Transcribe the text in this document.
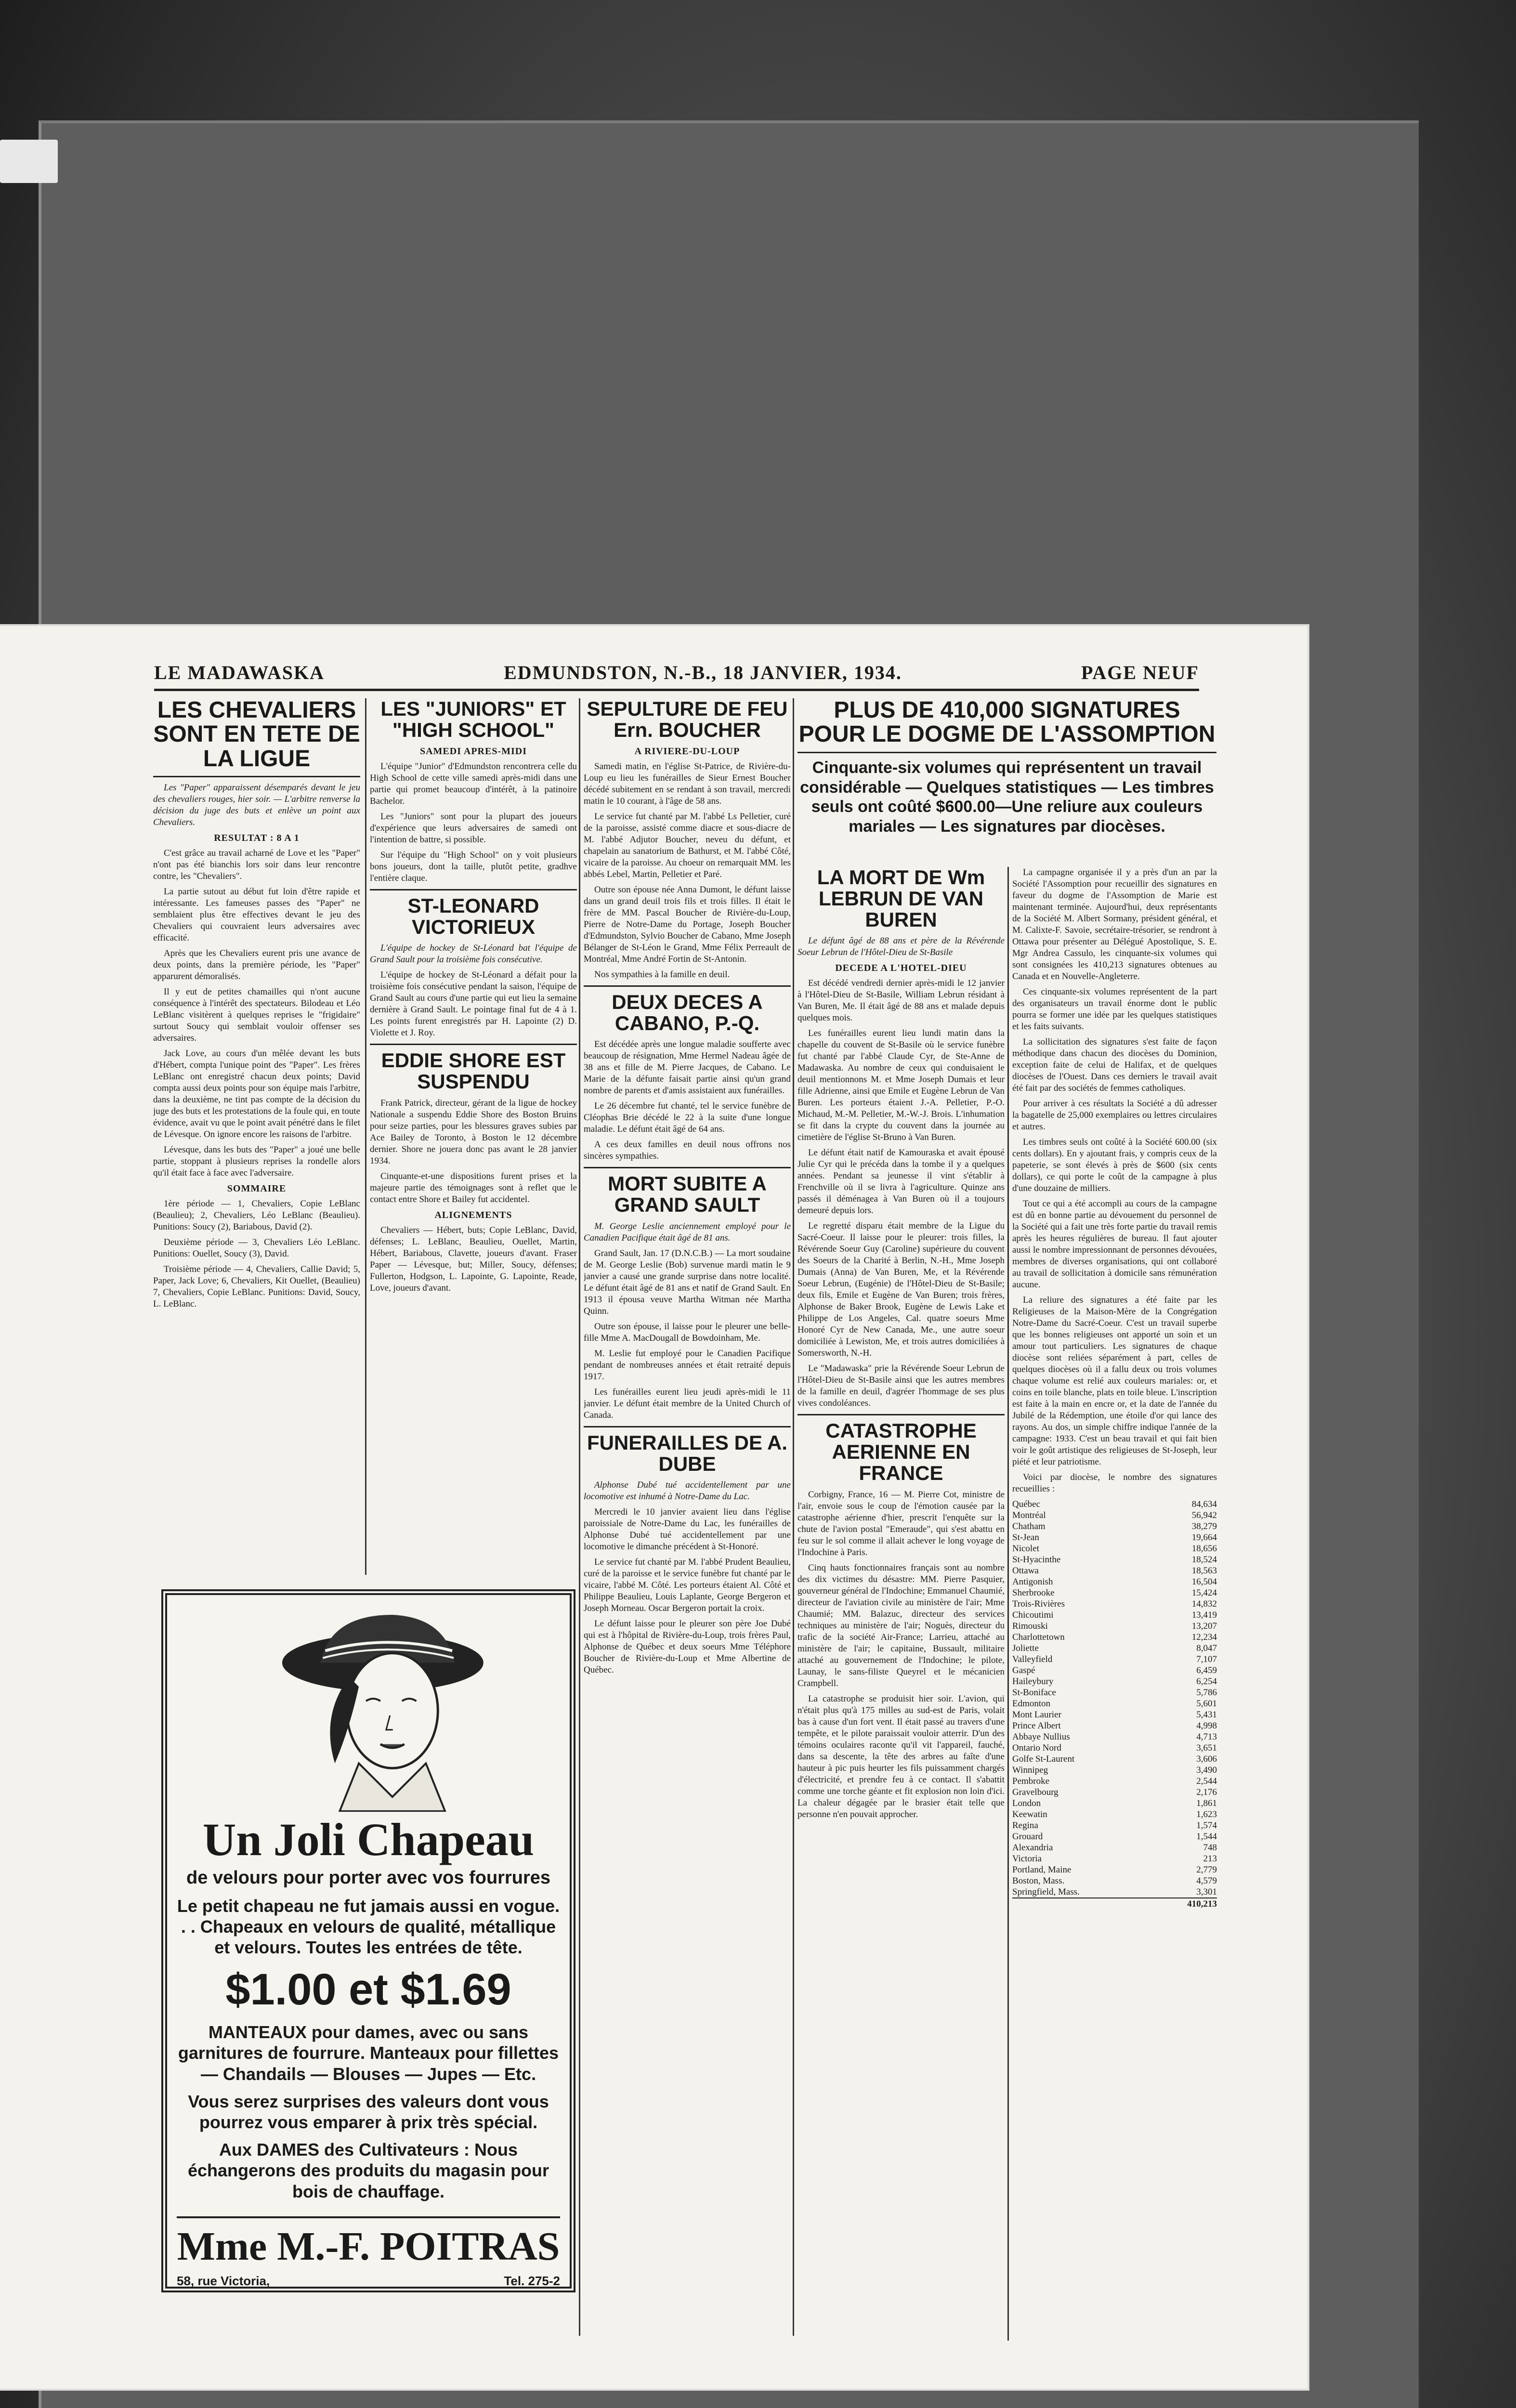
LE MADAWASKA	EDMUNDSTON, N.-B., 18 JANVIER, 1934.	PAGE NEUF
LES CHEVALIERS SONT EN TETE DE LA LIGUE

Les "Paper" apparaissent désemparés devant le jeu des chevaliers rouges, hier soir. — L'arbitre renverse la décision du juge des buts et enlève un point aux Chevaliers.

RESULTAT : 8 A 1

C'est grâce au travail acharné de Love et les "Paper" n'ont pas été bianchis lors soir dans leur rencontre contre, les "Chevaliers".

La partie sutout au début fut loin d'être rapide et intéressante. Les fameuses passes des "Paper" ne semblaient plus être effectives devant le jeu des Chevaliers qui couvraient leurs adversaires avec efficacité.

Après que les Chevaliers eurent pris une avance de deux points, dans la première période, les "Paper" apparurent démoralisés.

Il y eut de petites chamailles qui n'ont aucune conséquence à l'intérêt des spectateurs. Bilodeau et Léo LeBlanc visitèrent à quelques reprises le "frigidaire" surtout Soucy qui semblait vouloir offenser ses adversaires.

Jack Love, au cours d'un mêlée devant les buts d'Hébert, compta l'unique point des "Paper". Les frères LeBlanc ont enregistré chacun deux points; David compta aussi deux points pour son équipe mais l'arbitre, dans la deuxième, ne tint pas compte de la décision du juge des buts et les protestations de la foule qui, en toute évidence, avait vu que le point avait pénétré dans le filet de Lévesque. On ignore encore les raisons de l'arbitre.

Lévesque, dans les buts des "Paper" a joué une belle partie, stoppant à plusieurs reprises la rondelle alors qu'il était face à face avec l'adversaire.

SOMMAIRE

1ère période — 1, Chevaliers, Copie LeBlanc (Beaulieu); 2, Chevaliers, Léo LeBlanc (Beaulieu). Punitions: Soucy (2), Bariabous, David (2).

Deuxième période — 3, Chevaliers Léo LeBlanc. Punitions: Ouellet, Soucy (3), David.

Troisième période — 4, Chevaliers, Callie David; 5, Paper, Jack Love; 6, Chevaliers, Kit Ouellet, (Beaulieu) 7, Chevaliers, Copie LeBlanc. Punitions: David, Soucy, L. LeBlanc.

LES "JUNIORS" ET "HIGH SCHOOL"
SAMEDI APRES-MIDI

L'équipe "Junior" d'Edmundston rencontrera celle du High School de cette ville samedi après-midi dans une partie qui promet beaucoup d'intérêt, à la patinoire Bachelor.

Les "Juniors" sont pour la plupart des joueurs d'expérience que leurs adversaires de samedi ont l'intention de battre, si possible.

Sur l'équipe du "High School" on y voit plusieurs bons joueurs, dont la taille, plutôt petite, gradhve l'entière claque.

ST-LEONARD VICTORIEUX

L'équipe de hockey de St-Léonard bat l'équipe de Grand Sault pour la troisième fois consécutive.

L'équipe de hockey de St-Léonard a défait pour la troisième fois consécutive pendant la saison, l'équipe de Grand Sault au cours d'une partie qui eut lieu la semaine dernière à Grand Sault. Le pointage final fut de 4 à 1. Les points furent enregistrés par H. Lapointe (2) D. Violette et J. Roy.

EDDIE SHORE EST SUSPENDU

Frank Patrick, directeur, gérant de la ligue de hockey Nationale a suspendu Eddie Shore des Boston Bruins pour seize parties, pour les blessures graves subies par Ace Bailey de Toronto, à Boston le 12 décembre dernier. Shore ne jouera donc pas avant le 28 janvier 1934.

Cinquante-et-une dispositions furent prises et la majeure partie des témoignages sont à reflet que le contact entre Shore et Bailey fut accidentel.

ALIGNEMENTS

Chevaliers — Hébert, buts; Copie LeBlanc, David, défenses; L. LeBlanc, Beaulieu, Ouellet, Martin, Hébert, Bariabous, Clavette, joueurs d'avant. Fraser Paper — Lévesque, but; Miller, Soucy, défenses; Fullerton, Hodgson, L. Lapointe, G. Lapointe, Reade, Love, joueurs d'avant.

SEPULTURE DE FEU Ern. BOUCHER
A RIVIERE-DU-LOUP

Samedi matin, en l'église St-Patrice, de Rivière-du-Loup eu lieu les funérailles de Sieur Ernest Boucher décédé subitement en se rendant à son travail, mercredi matin le 10 courant, à l'âge de 58 ans.

Le service fut chanté par M. l'abbé Ls Pelletier, curé de la paroisse, assisté comme diacre et sous-diacre de M. l'abbé Adjutor Boucher, neveu du défunt, et chapelain au sanatorium de Bathurst, et M. l'abbé Côté, vicaire de la paroisse. Au choeur on remarquait MM. les abbés Lebel, Martin, Pelletier et Paré.

Outre son épouse née Anna Dumont, le défunt laisse dans un grand deuil trois fils et trois filles. Il était le frère de MM. Pascal Boucher de Rivière-du-Loup, Pierre de Notre-Dame du Portage, Joseph Boucher d'Edmundston, Sylvio Boucher de Cabano, Mme Joseph Bélanger de St-Léon le Grand, Mme Félix Perreault de Montréal, Mme André Fortin de St-Antonin.

Nos sympathies à la famille en deuil.

DEUX DECES A CABANO, P.-Q.

Est décédée après une longue maladie soufferte avec beaucoup de résignation, Mme Hermel Nadeau âgée de 38 ans et fille de M. Pierre Jacques, de Cabano. Le Marie de la défunte faisait partie ainsi qu'un grand nombre de parents et d'amis assistaient aux funérailles.

Le 26 décembre fut chanté, tel le service funèbre de Cléophas Brie décédé le 22 à la suite d'une longue maladie. Le défunt était âgé de 64 ans.

A ces deux familles en deuil nous offrons nos sincères sympathies.

MORT SUBITE A GRAND SAULT

M. George Leslie anciennement employé pour le Canadien Pacifique était âgé de 81 ans.

Grand Sault, Jan. 17 (D.N.C.B.) — La mort soudaine de M. George Leslie (Bob) survenue mardi matin le 9 janvier a causé une grande surprise dans notre localité. Le défunt était âgé de 81 ans et natif de Grand Sault. En 1913 il épousa veuve Martha Witman née Martha Quinn.

Outre son épouse, il laisse pour le pleurer une belle-fille Mme A. MacDougall de Bowdoinham, Me.

M. Leslie fut employé pour le Canadien Pacifique pendant de nombreuses années et était retraité depuis 1917.

Les funérailles eurent lieu jeudi après-midi le 11 janvier. Le défunt était membre de la United Church of Canada.

FUNERAILLES DE A. DUBE

Alphonse Dubé tué accidentellement par une locomotive est inhumé à Notre-Dame du Lac.

Mercredi le 10 janvier avaient lieu dans l'église paroissiale de Notre-Dame du Lac, les funérailles de Alphonse Dubé tué accidentellement par une locomotive le dimanche précédent à St-Honoré.

Le service fut chanté par M. l'abbé Prudent Beaulieu, curé de la paroisse et le service funèbre fut chanté par le vicaire, l'abbé M. Côté. Les porteurs étaient Al. Côté et Philippe Beaulieu, Louis Laplante, George Bergeron et Joseph Morneau. Oscar Bergeron portait la croix.

Le défunt laisse pour le pleurer son père Joe Dubé qui est à l'hôpital de Rivière-du-Loup, trois frères Paul, Alphonse de Québec et deux soeurs Mme Téléphore Boucher de Rivière-du-Loup et Mme Albertine de Québec.

PLUS DE 410,000 SIGNATURES POUR LE DOGME DE L'ASSOMPTION
Cinquante-six volumes qui représentent un travail considérable — Quelques statistiques — Les timbres seuls ont coûté $600.00—Une reliure aux couleurs mariales — Les signatures par diocèses.
LA MORT DE Wm LEBRUN DE VAN BUREN

Le défunt âgé de 88 ans et père de la Révérende Soeur Lebrun de l'Hôtel-Dieu de St-Basile

DECEDE A L'HOTEL-DIEU

Est décédé vendredi dernier après-midi le 12 janvier à l'Hôtel-Dieu de St-Basile, William Lebrun résidant à Van Buren, Me. Il était âgé de 88 ans et malade depuis quelques mois.

Les funérailles eurent lieu lundi matin dans la chapelle du couvent de St-Basile où le service funèbre fut chanté par l'abbé Claude Cyr, de Ste-Anne de Madawaska. Au nombre de ceux qui conduisaient le deuil mentionnons M. et Mme Joseph Dumais et leur fille Adrienne, ainsi que Emile et Eugène Lebrun de Van Buren. Les porteurs étaient J.-A. Pelletier, P.-O. Michaud, M.-M. Pelletier, M.-W.-J. Brois. L'inhumation se fit dans la crypte du couvent dans la journée au cimetière de l'église St-Bruno à Van Buren.

Le défunt était natif de Kamouraska et avait épousé Julie Cyr qui le précéda dans la tombe il y a quelques années. Pendant sa jeunesse il vint s'établir à Frenchville où il se livra à l'agriculture. Quinze ans passés il déménagea à Van Buren où il a toujours demeuré depuis lors.

Le regretté disparu était membre de la Ligue du Sacré-Coeur. Il laisse pour le pleurer: trois filles, la Révérende Soeur Guy (Caroline) supérieure du couvent des Soeurs de la Charité à Berlin, N.-H., Mme Joseph Dumais (Anna) de Van Buren, Me, et la Révérende Soeur Lebrun, (Eugénie) de l'Hôtel-Dieu de St-Basile; deux fils, Emile et Eugène de Van Buren; trois frères, Alphonse de Baker Brook, Eugène de Lewis Lake et Philippe de Los Angeles, Cal. quatre soeurs Mme Honoré Cyr de New Canada, Me., une autre soeur domiciliée à Lewiston, Me, et trois autres domiciliées à Somersworth, N.-H.

Le "Madawaska" prie la Révérende Soeur Lebrun de l'Hôtel-Dieu de St-Basile ainsi que les autres membres de la famille en deuil, d'agréer l'hommage de ses plus vives condoléances.

CATASTROPHE AERIENNE EN FRANCE

Corbigny, France, 16 — M. Pierre Cot, ministre de l'air, envoie sous le coup de l'émotion causée par la catastrophe aérienne d'hier, prescrit l'enquête sur la chute de l'avion postal "Emeraude", qui s'est abattu en feu sur le sol comme il allait achever le long voyage de l'Indochine à Paris.

Cinq hauts fonctionnaires français sont au nombre des dix victimes du désastre: MM. Pierre Pasquier, gouverneur général de l'Indochine; Emmanuel Chaumié, directeur de l'aviation civile au ministère de l'air; Mme Chaumié; MM. Balazuc, directeur des services techniques au ministère de l'air; Noguès, directeur du trafic de la société Air-France; Larrieu, attaché au ministère de l'air; le capitaine, Bussault, militaire attaché au gouvernement de l'Indochine; le pilote, Launay, le sans-filiste Queyrel et le mécanicien Crampbell.

La catastrophe se produisit hier soir. L'avion, qui n'était plus qu'à 175 milles au sud-est de Paris, volait bas à cause d'un fort vent. Il était passé au travers d'une tempête, et le pilote paraissait vouloir atterrir. D'un des témoins oculaires raconte qu'il vit l'appareil, fauché, dans sa descente, la tête des arbres au faîte d'une hauteur à pic puis heurter les fils puissamment chargés d'électricité, et prendre feu à ce contact. Il s'abattit comme une torche géante et fit explosion non loin d'ici. La chaleur dégagée par le brasier était telle que personne n'en pouvait approcher.

La campagne organisée il y a près d'un an par la Société l'Assomption pour recueillir des signatures en faveur du dogme de l'Assomption de Marie est maintenant terminée. Aujourd'hui, deux représentants de la Société M. Albert Sormany, président général, et M. Calixte-F. Savoie, secrétaire-trésorier, se rendront à Ottawa pour présenter au Délégué Apostolique, S. E. Mgr Andrea Cassulo, les cinquante-six volumes qui sont consignées les 410,213 signatures obtenues au Canada et en Nouvelle-Angleterre.

Ces cinquante-six volumes représentent de la part des organisateurs un travail énorme dont le public pourra se former une idée par les quelques statistiques et les faits suivants.

La sollicitation des signatures s'est faite de façon méthodique dans chacun des diocèses du Dominion, exception faite de celui de Halifax, et de quelques diocèses de l'Ouest. Dans ces derniers le travail avait été fait par des sociétés de femmes catholiques.

Pour arriver à ces résultats la Société a dû adresser la bagatelle de 25,000 exemplaires ou lettres circulaires et autres.

Les timbres seuls ont coûté à la Société 600.00 (six cents dollars). En y ajoutant frais, y compris ceux de la papeterie, se sont élevés à près de $600 (six cents dollars), ce qui porte le coût de la campagne à plus d'une douzaine de milliers.

Tout ce qui a été accompli au cours de la campagne est dû en bonne partie au dévouement du personnel de la Société qui a fait une très forte partie du travail remis après les heures régulières de bureau. Il faut ajouter aussi le nombre impressionnant de personnes dévouées, membres de diverses organisations, qui ont collaboré au travail de sollicitation à domicile sans rémunération aucune.

La reliure des signatures a été faite par les Religieuses de la Maison-Mère de la Congrégation Notre-Dame du Sacré-Coeur. C'est un travail superbe que les bonnes religieuses ont apporté un soin et un amour tout particuliers. Les signatures de chaque diocèse sont reliées séparément à part, celles de quelques diocèses où il a fallu deux ou trois volumes chaque volume est relié aux couleurs mariales: or, et coins en toile blanche, plats en toile bleue. L'inscription est faite à la main en encre or, et la date de l'année du Jubilé de la Rédemption, une étoile d'or qui lance des rayons. Au dos, un simple chiffre indique l'année de la campagne: 1933. C'est un beau travail et qui fait bien voir le goût artistique des religieuses de St-Joseph, leur piété et leur patriotisme.

Voici par diocèse, le nombre des signatures recueillies :

Québec	84,634
Montréal	56,942
Chatham	38,279
St-Jean	19,664
Nicolet	18,656
St-Hyacinthe	18,524
Ottawa	18,563
Antigonish	16,504
Sherbrooke	15,424
Trois-Rivières	14,832
Chicoutimi	13,419
Rimouski	13,207
Charlottetown	12,234
Joliette	8,047
Valleyfield	7,107
Gaspé	6,459
Haileybury	6,254
St-Boniface	5,786
Edmonton	5,601
Mont Laurier	5,431
Prince Albert	4,998
Abbaye Nullius	4,713
Ontario Nord	3,651
Golfe St-Laurent	3,606
Winnipeg	3,490
Pembroke	2,544
Gravelbourg	2,176
London	1,861
Keewatin	1,623
Regina	1,574
Grouard	1,544
Alexandria	748
Victoria	213
Portland, Maine	2,779
Boston, Mass.	4,579
Springfield, Mass.	3,301
410,213
Un Joli Chapeau
de velours pour porter avec vos fourrures
Le petit chapeau ne fut jamais aussi en vogue. . . Chapeaux en velours de qualité, métallique et velours. Toutes les entrées de tête.
$1.00 et $1.69
MANTEAUX pour dames, avec ou sans garnitures de fourrure. Manteaux pour fillettes — Chandails — Blouses — Jupes — Etc.
Vous serez surprises des valeurs dont vous pourrez vous emparer à prix très spécial.
Aux DAMES des Cultivateurs : Nous échangerons des produits du magasin pour bois de chauffage.
Mme M.-F. POITRAS
58, rue Victoria,	Tel. 275-2
